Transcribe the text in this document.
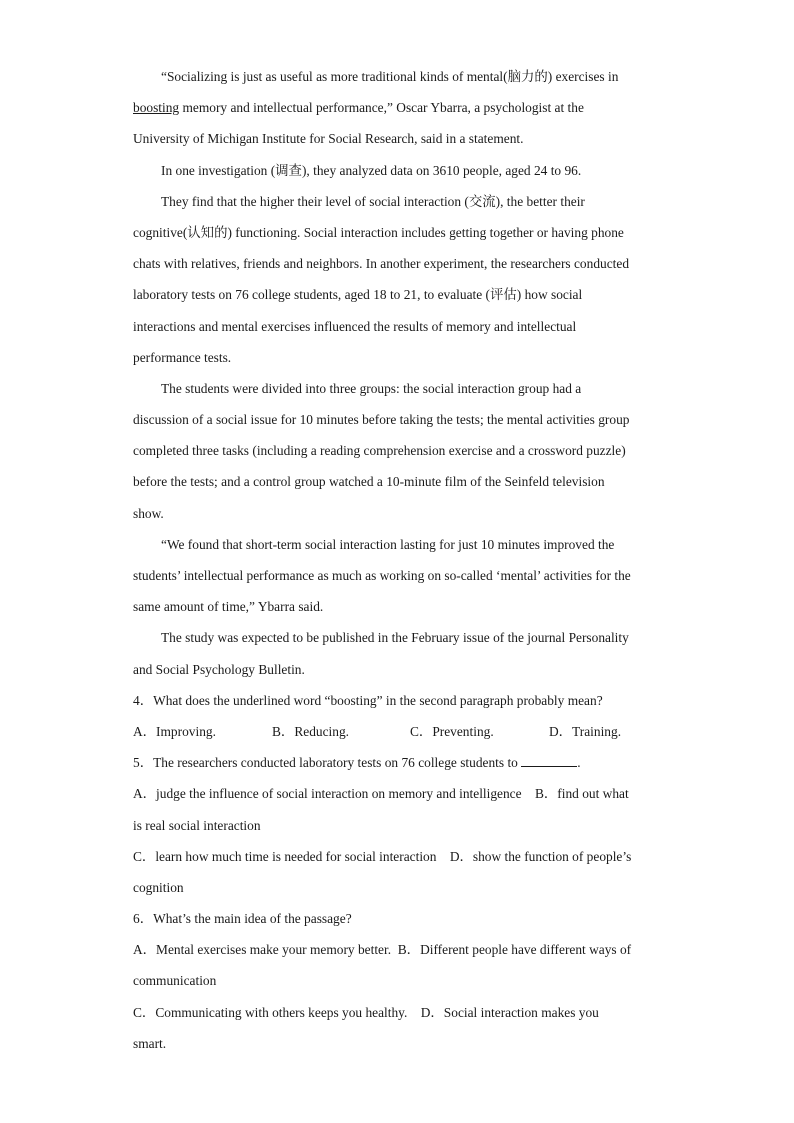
“Socializing is just as useful as more traditional kinds of mental(脑力的) exercises in
boosting memory and intellectual performance,” Oscar Ybarra, a psychologist at the
University of Michigan Institute for Social Research, said in a statement.
In one investigation (调查), they analyzed data on 3610 people, aged 24 to 96.
They find that the higher their level of social interaction (交流), the better their
cognitive(认知的) functioning. Social interaction includes getting together or having phone
chats with relatives, friends and neighbors. In another experiment, the researchers conducted
laboratory tests on 76 college students, aged 18 to 21, to evaluate (评估) how social
interactions and mental exercises influenced the results of memory and intellectual
performance tests.
The students were divided into three groups: the social interaction group had a
discussion of a social issue for 10 minutes before taking the tests; the mental activities group
completed three tasks (including a reading comprehension exercise and a crossword puzzle)
before the tests; and a control group watched a 10-minute film of the Seinfeld television
show.
“We found that short-term social interaction lasting for just 10 minutes improved the
students’ intellectual performance as much as working on so-called ‘mental’ activities for the
same amount of time,” Ybarra said.
The study was expected to be published in the February issue of the journal Personality
and Social Psychology Bulletin.
4．What does the underlined word “boosting” in the second paragraph probably mean?
A．Improving.	B．Reducing.	C．Preventing.	D．Training.
5．The researchers conducted laboratory tests on 76 college students to	.
A．judge the influence of social interaction on memory and intelligence    B．find out what
is real social interaction
C．learn how much time is needed for social interaction    D．show the function of people’s
cognition
6．What’s the main idea of the passage?
A．Mental exercises make your memory better.  B．Different people have different ways of
communication
C．Communicating with others keeps you healthy.    D．Social interaction makes you
smart.
